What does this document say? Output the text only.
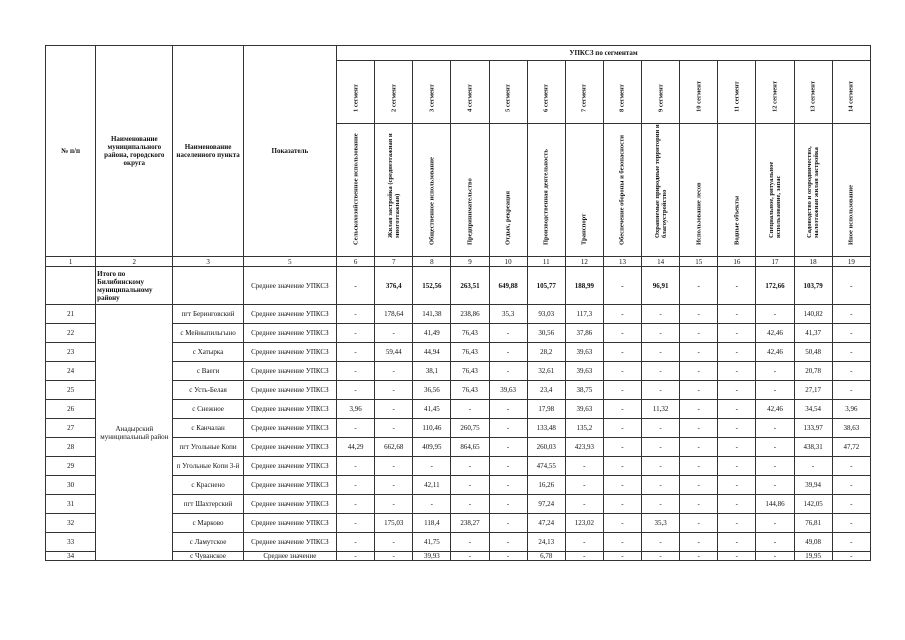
№ п/п	Наименование муниципального района, городского округа	Наименование населенного пункта	Показатель	УПКСЗ по сегментам													

				1 сегмент	2 сегмент	3 сегмент	4 сегмент	5 сегмент	6 сегмент	7 сегмент	8 сегмент	9 сегмент	10 сегмент	11 сегмент	12 сегмент	13 сегмент	14 сегмент

				Сельскохозяйственное использование	Жилая застройка (среднеэтажная и многоэтажная)	Общественное использование	Предпринимательство	Отдых, рекреация	Производственная деятельность	Транспорт	Обеспечение обороны и безопасности	Охраняемые природные территории и благоустройство	Использование лесов	Водные объекты	Специальное, ритуальное использование, запас	Садоводство и огородничество, малоэтажная жилая застройка	Иное использование

1	2	3	5	6	7	8	9	10	11	12	13	14	15	16	17	18	19
	Итого по Билибинскому муниципальному району		Среднее значение УПКСЗ	-	376,4	152,56	263,51	649,88	105,77	188,99	-	96,91	-	-	172,66	103,79	-
21	Анадырский муниципальный район	пгт Беринговский	Среднее значение УПКСЗ	-	178,64	141,38	238,86	35,3	93,03	117,3	-	-	-	-	-	140,82	-
22		с Мейныпильгыно	Среднее значение УПКСЗ	-	-	41,49	76,43	-	30,56	37,86	-	-	-	-	42,46	41,37	-
23		с Хатырка	Среднее значение УПКСЗ	-	59,44	44,94	76,43	-	28,2	39,63	-	-	-	-	42,46	50,48	-
24		с Ваеги	Среднее значение УПКСЗ	-	-	38,1	76,43	-	32,61	39,63	-	-	-	-	-	20,78	-
25		с Усть-Белая	Среднее значение УПКСЗ	-	-	36,56	76,43	39,63	23,4	38,75	-	-	-	-	-	27,17	-
26		с Снежное	Среднее значение УПКСЗ	3,96	-	41,45	-	-	17,98	39,63	-	11,32	-	-	42,46	34,54	3,96
27		с Канчалан	Среднее значение УПКСЗ	-	-	110,46	260,75	-	133,48	135,2	-	-	-	-	-	133,97	38,63
28		пгт Угольные Копи	Среднее значение УПКСЗ	44,29	662,68	409,95	864,65	-	260,03	423,93	-	-	-	-	-	438,31	47,72
29		п Угольные Копи 3-й	Среднее значение УПКСЗ	-	-	-	-	-	474,55	-	-	-	-	-	-	-	-
30		с Краснено	Среднее значение УПКСЗ	-	-	42,11	-	-	16,26	-	-	-	-	-	-	39,94	-
31		пгт Шахтерский	Среднее значение УПКСЗ	-	-	-	-	-	97,24	-	-	-	-	-	144,86	142,05	-
32		с Марково	Среднее значение УПКСЗ	-	175,03	118,4	238,27	-	47,24	123,02	-	35,3	-	-	-	76,81	-
33		с Ламутское	Среднее значение УПКСЗ	-	-	41,75	-	-	24,13	-	-	-	-	-	-	49,08	-
34		с Чуванское	Среднее значение	-	-	39,93	-	-	6,78	-	-	-	-	-	-	19,95	-
